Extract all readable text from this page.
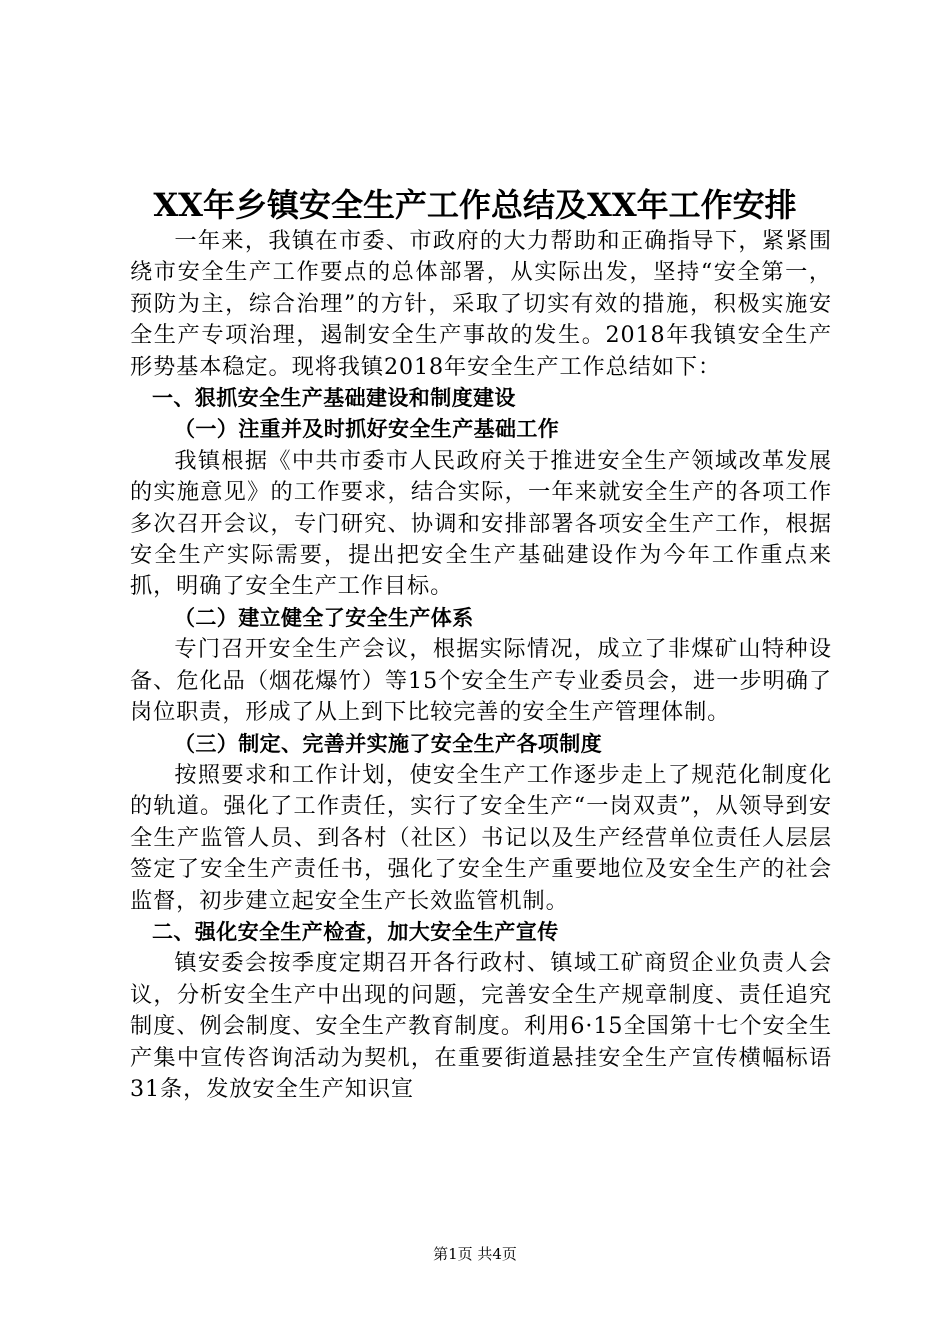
XX年乡镇安全生产工作总结及XX年工作安排

一年来，我镇在市委、市政府的大力帮助和正确指导下，紧紧围绕市安全生产工作要点的总体部署，从实际出发，坚持“安全第一，预防为主，综合治理”的方针，采取了切实有效的措施，积极实施安全生产专项治理，遏制安全生产事故的发生。2018年我镇安全生产形势基本稳定。现将我镇2018年安全生产工作总结如下：

一、狠抓安全生产基础建设和制度建设

（一）注重并及时抓好安全生产基础工作

我镇根据《中共市委市人民政府关于推进安全生产领域改革发展的实施意见》的工作要求，结合实际，一年来就安全生产的各项工作多次召开会议，专门研究、协调和安排部署各项安全生产工作，根据安全生产实际需要，提出把安全生产基础建设作为今年工作重点来抓，明确了安全生产工作目标。

（二）建立健全了安全生产体系

专门召开安全生产会议，根据实际情况，成立了非煤矿山特种设备、危化品（烟花爆竹）等15个安全生产专业委员会，进一步明确了岗位职责，形成了从上到下比较完善的安全生产管理体制。

（三）制定、完善并实施了安全生产各项制度

按照要求和工作计划，使安全生产工作逐步走上了规范化制度化的轨道。强化了工作责任，实行了安全生产“一岗双责”，从领导到安全生产监管人员、到各村（社区）书记以及生产经营单位责任人层层签定了安全生产责任书，强化了安全生产重要地位及安全生产的社会监督，初步建立起安全生产长效监管机制。

二、强化安全生产检查，加大安全生产宣传

镇安委会按季度定期召开各行政村、镇域工矿商贸企业负责人会议，分析安全生产中出现的问题，完善安全生产规章制度、责任追究制度、例会制度、安全生产教育制度。利用6·15全国第十七个安全生产集中宣传咨询活动为契机，在重要街道悬挂安全生产宣传横幅标语31条，发放安全生产知识宣

第1页 共4页
